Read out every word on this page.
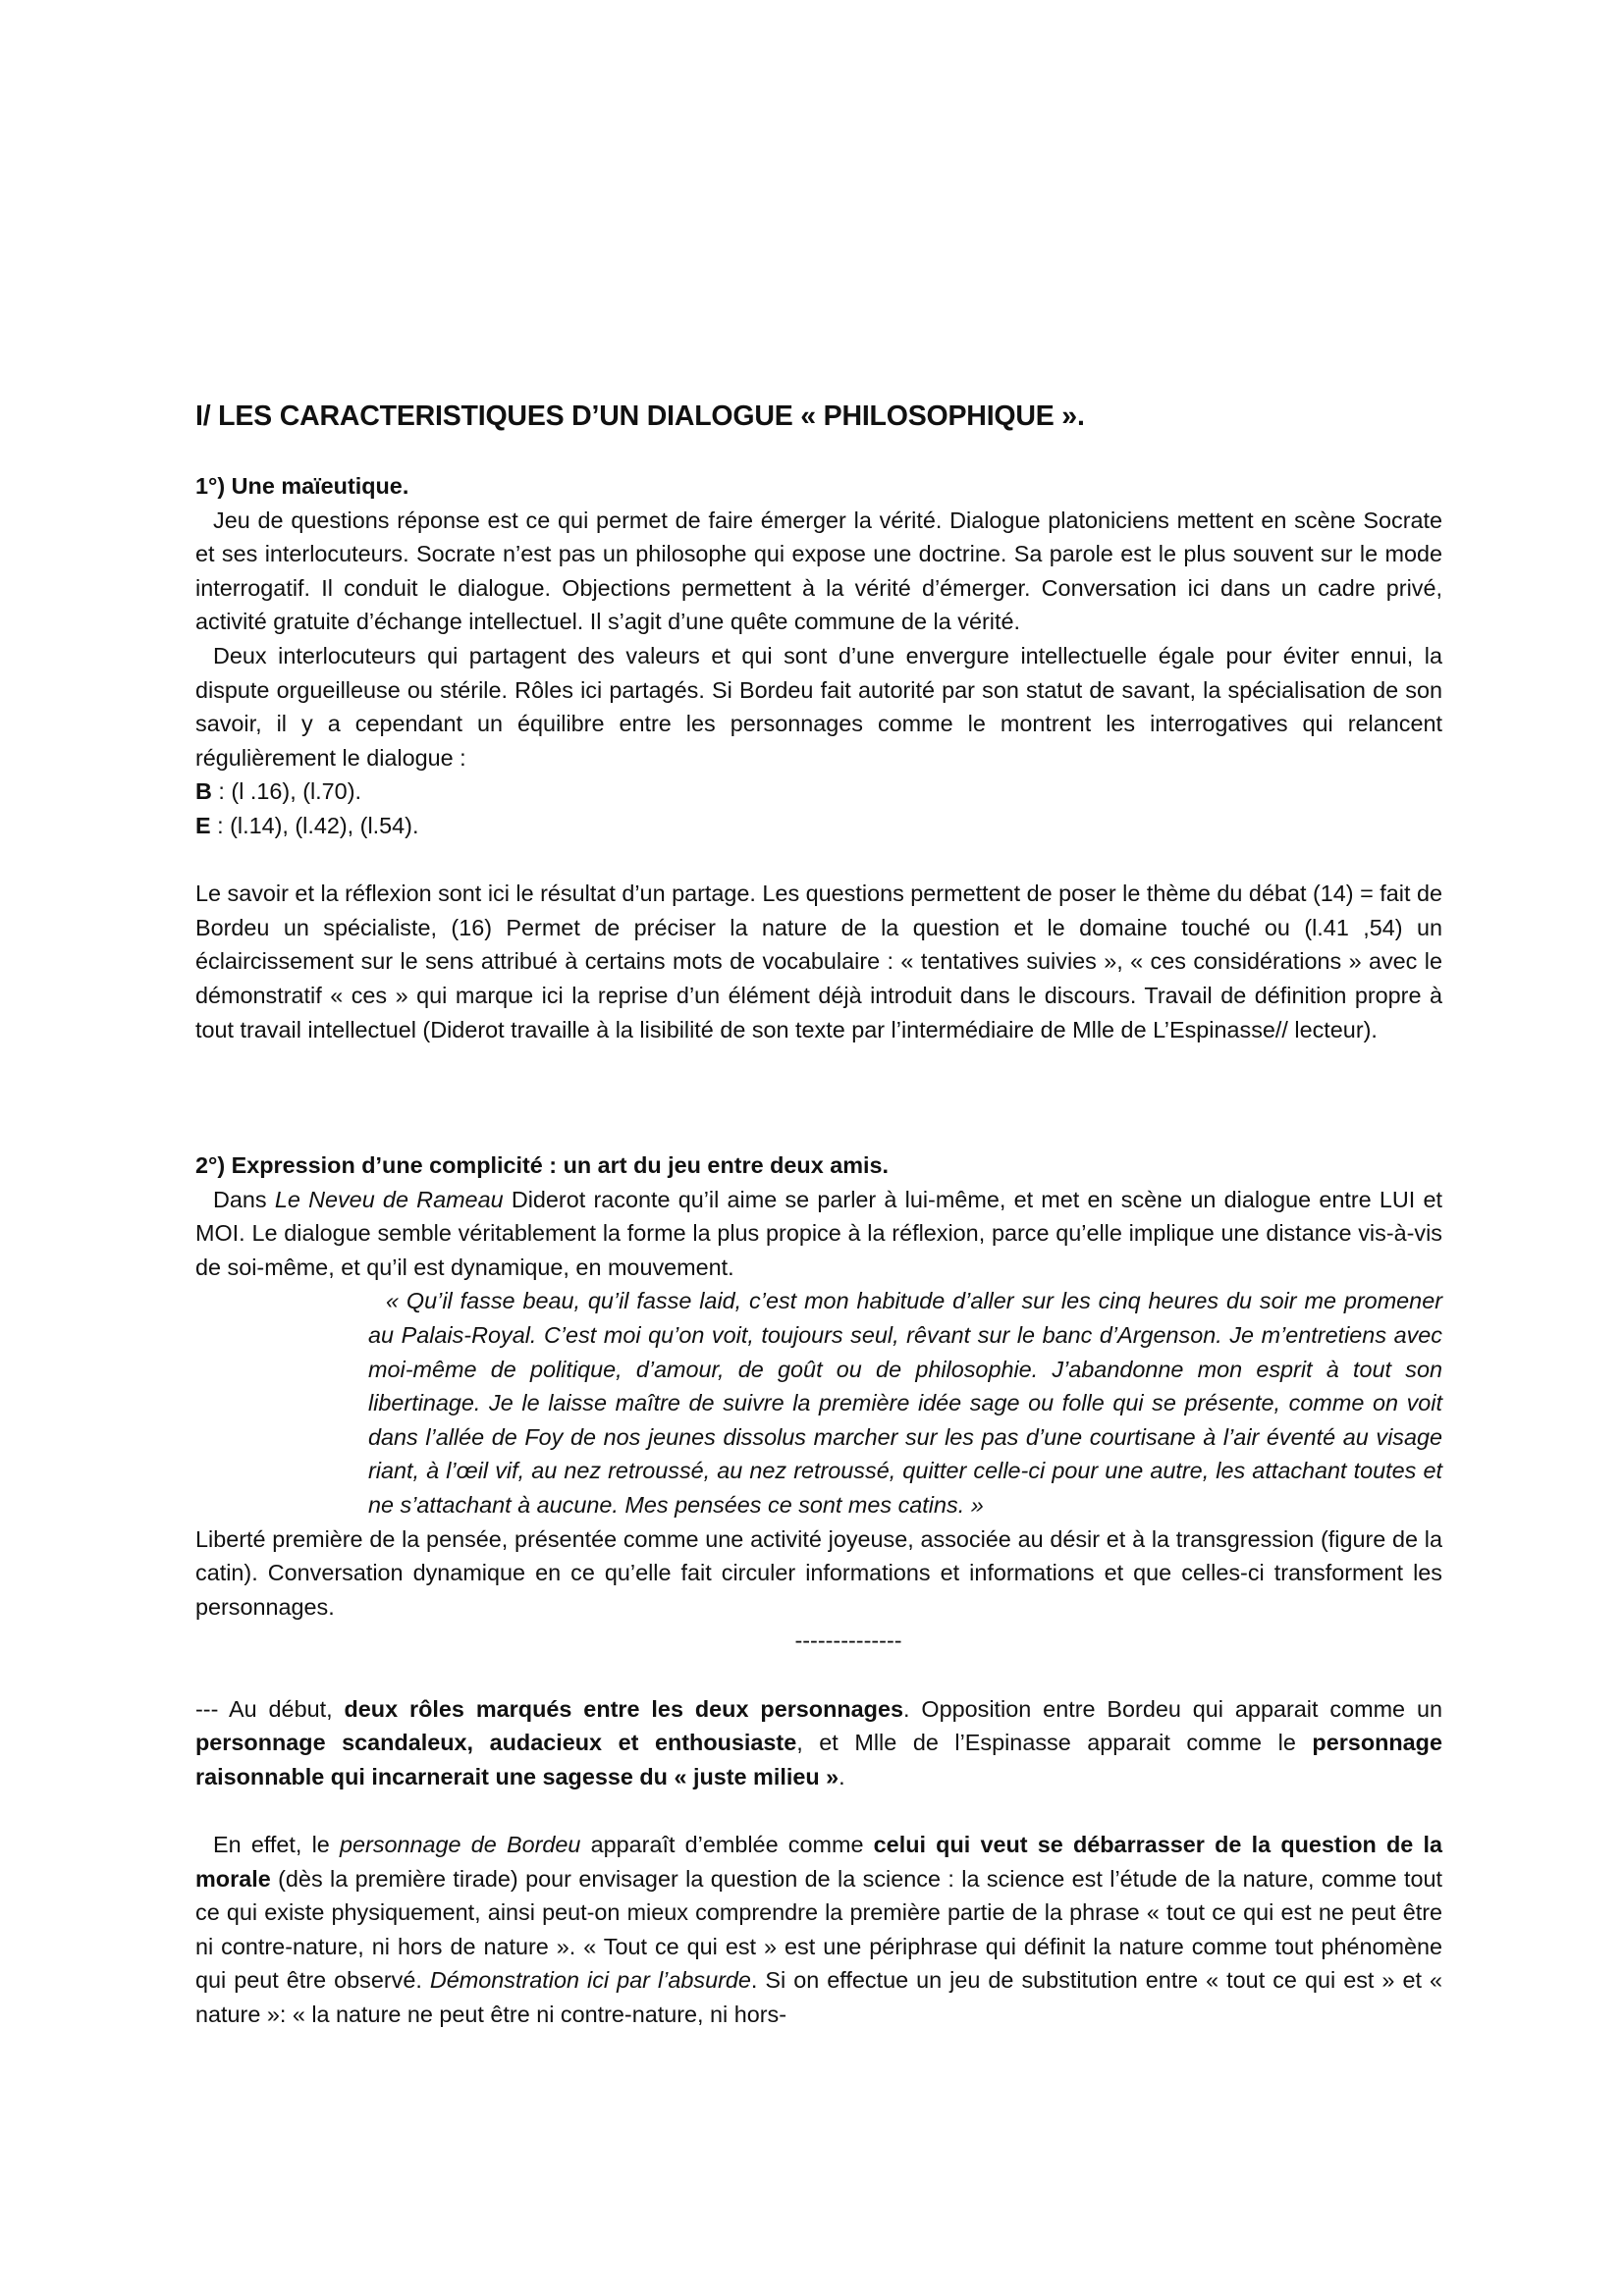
I/ LES CARACTERISTIQUES D’UN DIALOGUE « PHILOSOPHIQUE ».
1°) Une maïeutique.

Jeu de questions réponse est ce qui permet de faire émerger la vérité. Dialogue platoniciens mettent en scène Socrate et ses interlocuteurs. Socrate n’est pas un philosophe qui expose une doctrine. Sa parole est le plus souvent sur le mode interrogatif. Il conduit le dialogue. Objections permettent à la vérité d’émerger. Conversation ici dans un cadre privé, activité gratuite d’échange intellectuel. Il s’agit d’une quête commune de la vérité.

Deux interlocuteurs qui partagent des valeurs et qui sont d’une envergure intellectuelle égale pour éviter ennui, la dispute orgueilleuse ou stérile. Rôles ici partagés. Si Bordeu fait autorité par son statut de savant, la spécialisation de son savoir, il y a cependant un équilibre entre les personnages comme le montrent les interrogatives qui relancent régulièrement le dialogue :

B : (l .16), (l.70).

E : (l.14), (l.42), (l.54).

Le savoir et la réflexion sont ici le résultat d’un partage. Les questions permettent de poser le thème du débat (14) = fait de Bordeu un spécialiste, (16) Permet de préciser la nature de la question et le domaine touché ou (l.41 ,54) un éclaircissement sur le sens attribué à certains mots de vocabulaire : « tentatives suivies », « ces considérations » avec le démonstratif « ces » qui marque ici la reprise d’un élément déjà introduit dans le discours. Travail de définition propre à tout travail intellectuel (Diderot travaille à la lisibilité de son texte par l’intermédiaire de Mlle de L’Espinasse// lecteur).

2°) Expression d’une complicité : un art du jeu entre deux amis.

Dans Le Neveu de Rameau Diderot raconte qu’il aime se parler à lui-même, et met en scène un dialogue entre LUI et MOI. Le dialogue semble véritablement la forme la plus propice à la réflexion, parce qu’elle implique une distance vis-à-vis de soi-même, et qu’il est dynamique, en mouvement.

« Qu’il fasse beau, qu’il fasse laid, c’est mon habitude d’aller sur les cinq heures du soir me promener au Palais-Royal. C’est moi qu’on voit, toujours seul, rêvant sur le banc d’Argenson. Je m’entretiens avec moi-même de politique, d’amour, de goût ou de philosophie. J’abandonne mon esprit à tout son libertinage. Je le laisse maître de suivre la première idée sage ou folle qui se présente, comme on voit dans l’allée de Foy de nos jeunes dissolus marcher sur les pas d’une courtisane à l’air éventé au visage riant, à l’œil vif, au nez retroussé, au nez retroussé, quitter celle-ci pour une autre, les attachant toutes et ne s’attachant à aucune. Mes pensées ce sont mes catins. »

Liberté première de la pensée, présentée comme une activité joyeuse, associée au désir et à la transgression (figure de la catin). Conversation dynamique en ce qu’elle fait circuler informations et informations et que celles-ci transforment les personnages.

--------------

--- Au début, deux rôles marqués entre les deux personnages. Opposition entre Bordeu qui apparait comme un personnage scandaleux, audacieux et enthousiaste, et Mlle de l’Espinasse apparait comme le personnage raisonnable qui incarnerait une sagesse du « juste milieu ».

En effet, le personnage de Bordeu apparaît d’emblée comme celui qui veut se débarrasser de la question de la morale (dès la première tirade) pour envisager la question de la science : la science est l’étude de la nature, comme tout ce qui existe physiquement, ainsi peut-on mieux comprendre la première partie de la phrase « tout ce qui est ne peut être ni contre-nature, ni hors de nature ». « Tout ce qui est » est une périphrase qui définit la nature comme tout phénomène qui peut être observé. Démonstration ici par l’absurde. Si on effectue un jeu de substitution entre « tout ce qui est » et « nature »: « la nature ne peut être ni contre-nature, ni hors-
